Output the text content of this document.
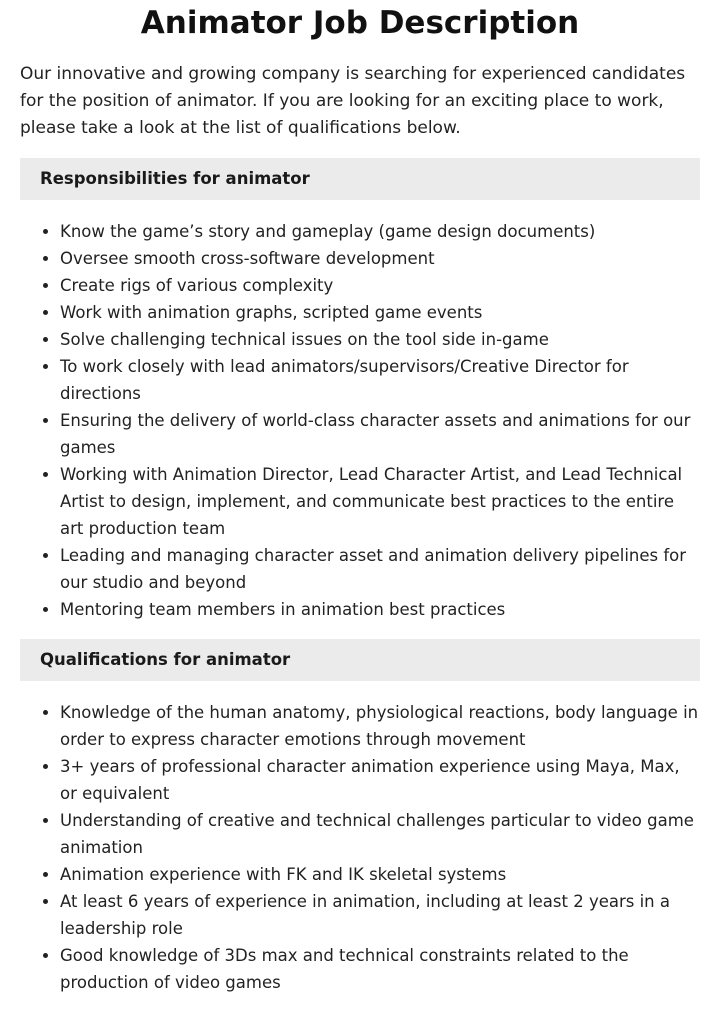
Animator Job Description

Our innovative and growing company is searching for experienced candidates for the position of animator. If you are looking for an exciting place to work, please take a look at the list of qualifications below.

Responsibilities for animator
• Know the game’s story and gameplay (game design documents)
• Oversee smooth cross-software development
• Create rigs of various complexity
• Work with animation graphs, scripted game events
• Solve challenging technical issues on the tool side in-game
• To work closely with lead animators/supervisors/Creative Director for directions
• Ensuring the delivery of world-class character assets and animations for our games
• Working with Animation Director, Lead Character Artist, and Lead Technical Artist to design, implement, and communicate best practices to the entire art production team
• Leading and managing character asset and animation delivery pipelines for our studio and beyond
• Mentoring team members in animation best practices
Qualifications for animator
• Knowledge of the human anatomy, physiological reactions, body language in order to express character emotions through movement
• 3+ years of professional character animation experience using Maya, Max, or equivalent
• Understanding of creative and technical challenges particular to video game animation
• Animation experience with FK and IK skeletal systems
• At least 6 years of experience in animation, including at least 2 years in a leadership role
• Good knowledge of 3Ds max and technical constraints related to the production of video games
